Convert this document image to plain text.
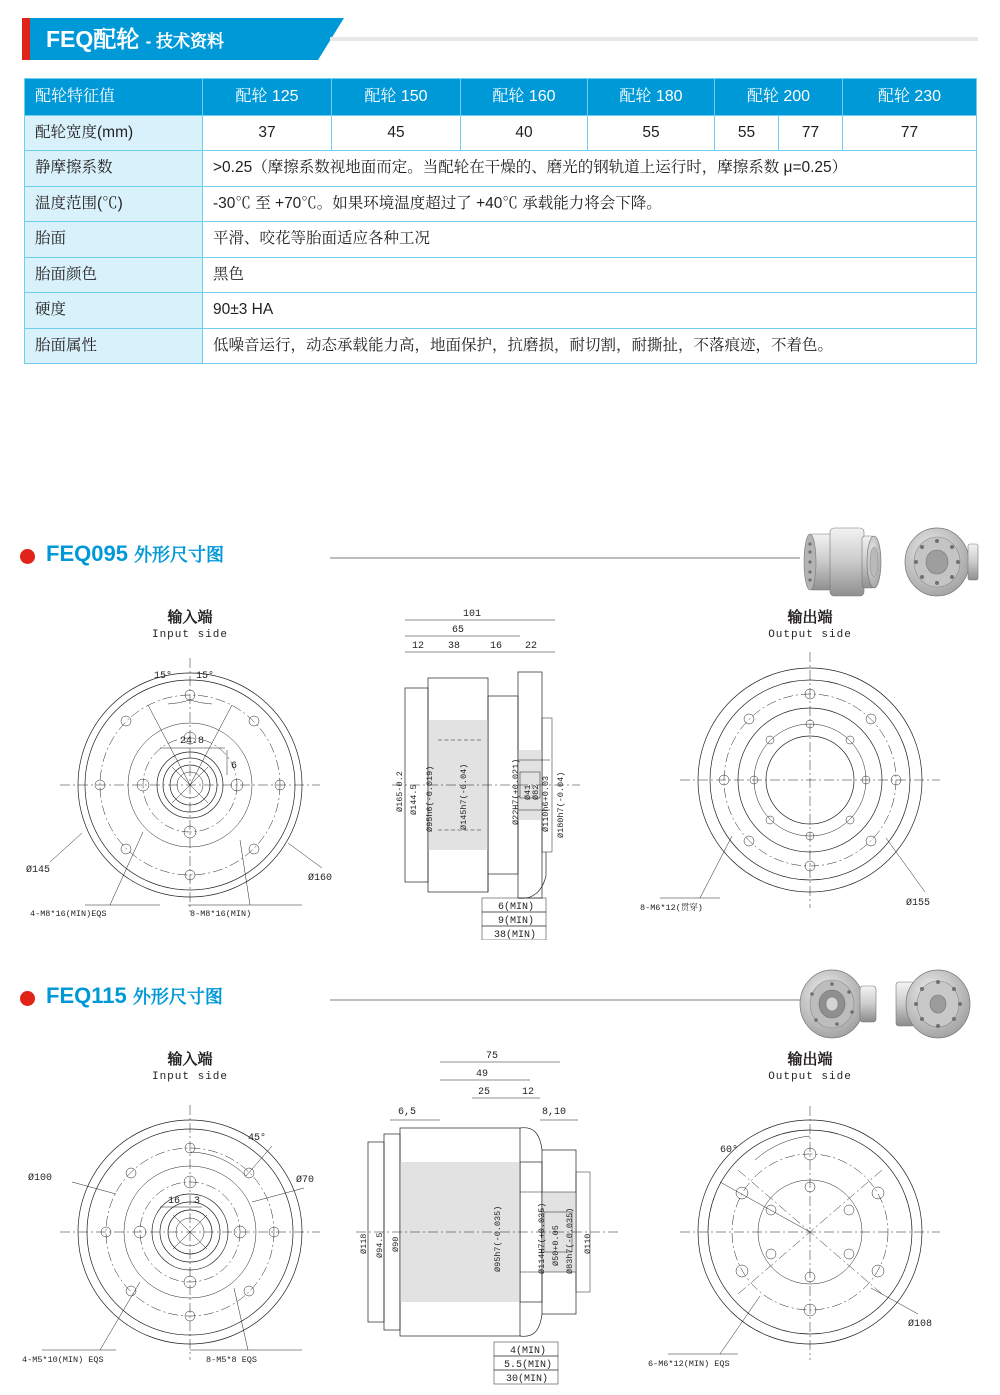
FEQ配轮 - 技术资料
配轮特征值	配轮 125	配轮 150	配轮 160	配轮 180	配轮 200		配轮 230
配轮宽度(mm)	37	45	40	55	55	77	77
静摩擦系数	>0.25（摩擦系数视地面而定。当配轮在干燥的、磨光的钢轨道上运行时，摩擦系数 μ=0.25）						
温度范围(℃)	-30℃ 至 +70℃。如果环境温度超过了 +40℃ 承载能力将会下降。						
胎面	平滑、咬花等胎面适应各种工况						
胎面颜色	黑色						
硬度	90±3 HA						
胎面属性	低噪音运行，动态承载能力高，地面保护，抗磨损，耐切割，耐撕扯，不落痕迹，不着色。						
FEQ095 外形尺寸图
输入端
Input side
15° 15°
24.8
6
Ø145
Ø160
4-M8*16(MIN)EQS	8-M8*16(MIN)
101
65
12 38	16 22
Ø165-0.2 Ø144.5 Ø95h6(-0.019)	Ø145h7(-0.04)	Ø22H7(+0.021) Ø41
Ø82 Ø110h6+0.03 Ø180h7(-0.04)
6(MIN)
9(MIN)
38(MIN)
输出端
Output side
8-M6*12(贯穿)	Ø155
FEQ115 外形尺寸图
输入端
Input side
45°
Ø100	Ø70
16 3
4-M5*10(MIN) EQS	8-M5*8 EQS
75
49
25	12
6,5	8,10
Ø118 Ø94.5 Ø90	Ø95h7(-0.035)	Ø114H7(+0.035) Ø50+0.05 Ø83h7(-0.035) Ø110
4(MIN)
5.5(MIN)
30(MIN)
输出端
Output side
60°
Ø108
6-M6*12(MIN) EQS
